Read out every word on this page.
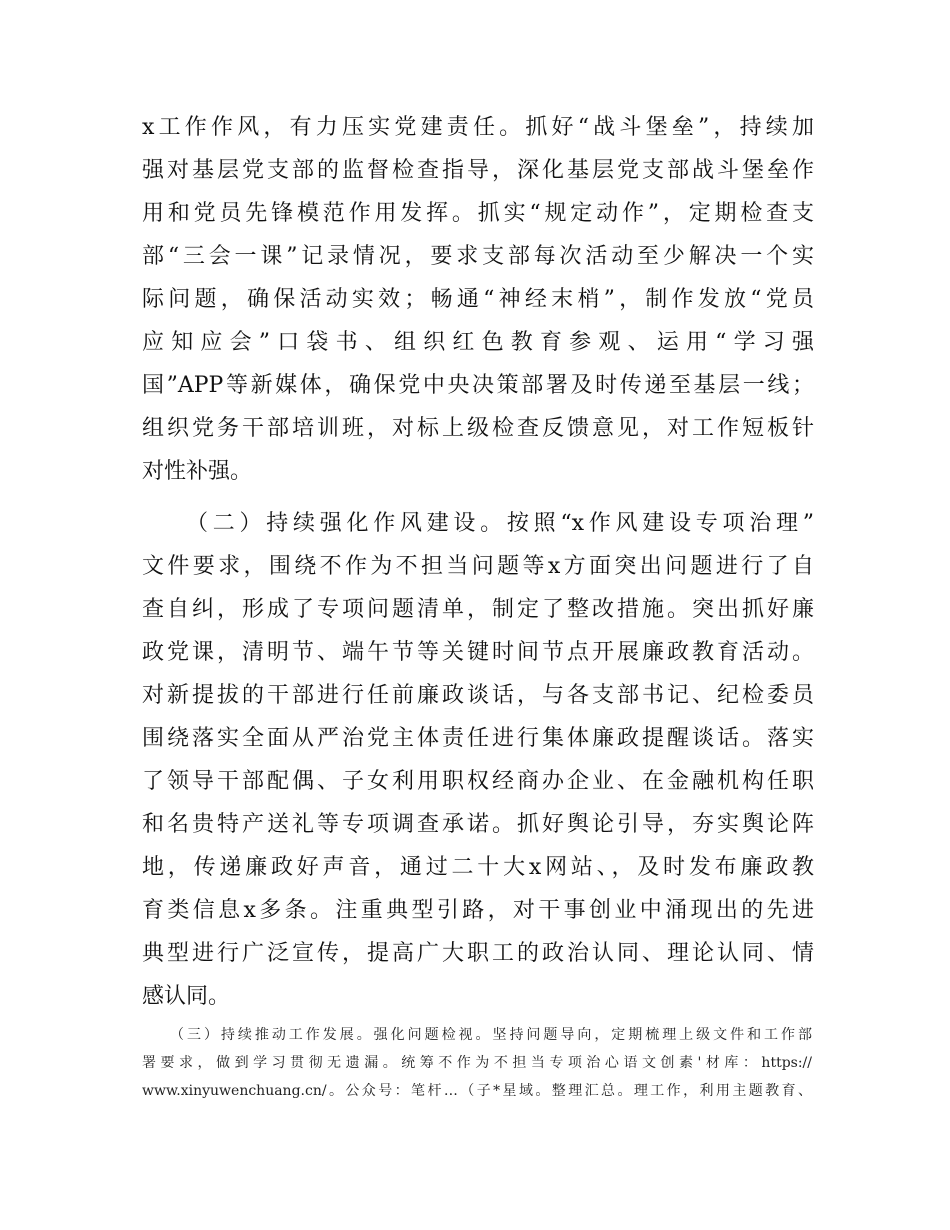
x工作作风，有力压实党建责任。抓好“战斗堡垒”，持续加
强对基层党支部的监督检查指导，深化基层党支部战斗堡垒作
用和党员先锋模范作用发挥。抓实“规定动作”，定期检查支
部“三会一课”记录情况，要求支部每次活动至少解决一个实
际问题，确保活动实效；畅通“神经末梢”，制作发放“党员
应知应会”口袋书、组织红色教育参观、运用“学习强
国”APP等新媒体，确保党中央决策部署及时传递至基层一线；
组织党务干部培训班，对标上级检查反馈意见，对工作短板针
对性补强。
（二）持续强化作风建设。按照“x作风建设专项治理”
文件要求，围绕不作为不担当问题等x方面突出问题进行了自
查自纠，形成了专项问题清单，制定了整改措施。突出抓好廉
政党课，清明节、端午节等关键时间节点开展廉政教育活动。
对新提拔的干部进行任前廉政谈话，与各支部书记、纪检委员
围绕落实全面从严治党主体责任进行集体廉政提醒谈话。落实
了领导干部配偶、子女利用职权经商办企业、在金融机构任职
和名贵特产送礼等专项调查承诺。抓好舆论引导，夯实舆论阵
地，传递廉政好声音，通过二十大x网站、，及时发布廉政教
育类信息x多条。注重典型引路，对干事创业中涌现出的先进
典型进行广泛宣传，提高广大职工的政治认同、理论认同、情
感认同。
（三）持续推动工作发展。强化问题检视。坚持问题导向，定期梳理上级文件和工作部
署要求，做到学习贯彻无遗漏。统筹不作为不担当专项治心语文创素'材库：https://
www.xinyuwenchuang.cn/。公众号：笔杆…（子*星域。整理汇总。理工作，利用主题教育、
